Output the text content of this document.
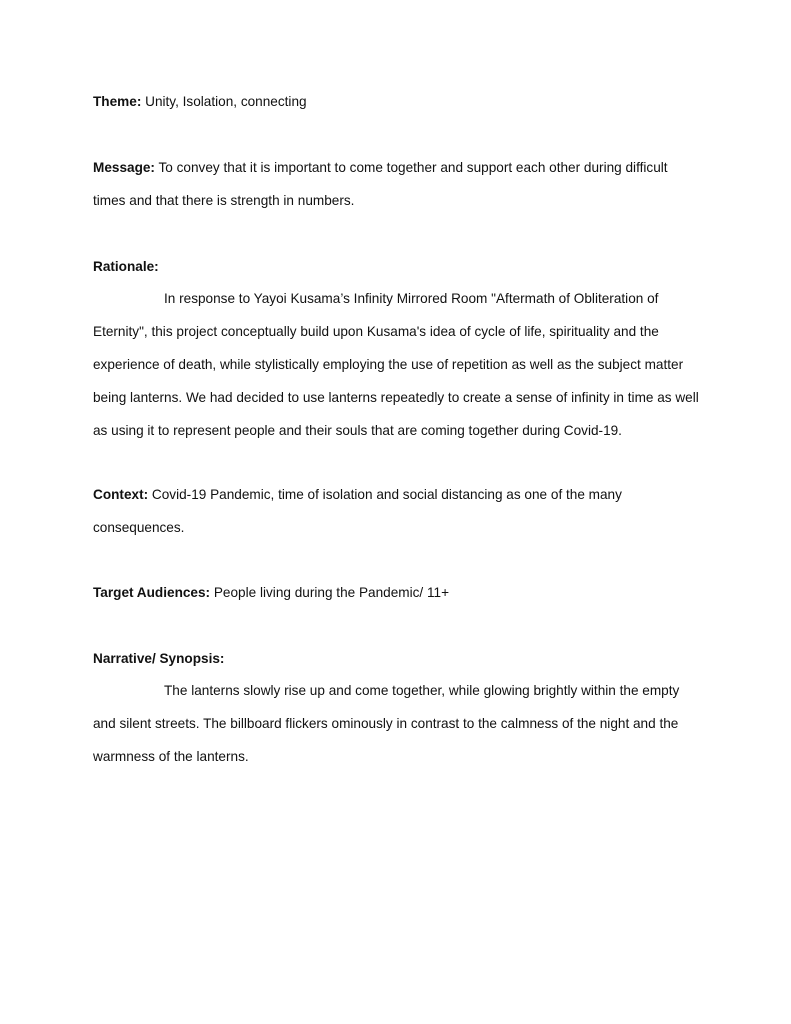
Theme: Unity, Isolation, connecting

Message: To convey that it is important to come together and support each other during difficult times and that there is strength in numbers.

Rationale:

In response to Yayoi Kusama’s Infinity Mirrored Room "Aftermath of Obliteration of Eternity", this project conceptually build upon Kusama's idea of cycle of life, spirituality and the experience of death, while stylistically employing the use of repetition as well as the subject matter being lanterns. We had decided to use lanterns repeatedly to create a sense of infinity in time as well as using it to represent people and their souls that are coming together during Covid-19.

Context: Covid-19 Pandemic, time of isolation and social distancing as one of the many consequences.

Target Audiences: People living during the Pandemic/ 11+

Narrative/ Synopsis:

The lanterns slowly rise up and come together, while glowing brightly within the empty and silent streets. The billboard flickers ominously in contrast to the calmness of the night and the warmness of the lanterns.
